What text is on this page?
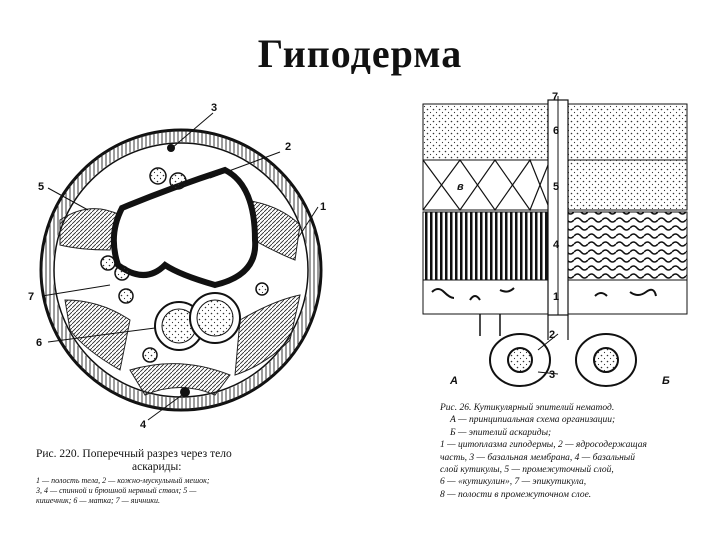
Гиподерма
3
2
5
1
7
6
4
7
6
5
4
1
2
3
А	Б
в
Рис. 220. Поперечный разрез через тело
аскариды:
1 — полость тела, 2 — кожно-мускульный мешок;
3, 4 — спинной и брюшной нервный ствол; 5 —
кишечник; 6 — матка; 7 — яичники.
Рис. 26. Кутикулярный эпителий нематод.
А — принципиальная схема организации;
Б — эпителий аскариды;
1 — цитоплазма гиподермы, 2 — ядросодержащая
часть, 3 — базальная мембрана, 4 — базальный
слой кутикулы, 5 — промежуточный слой,
6 — «кутикулин», 7 — эпикутикула,
8 — полости в промежуточном слое.
